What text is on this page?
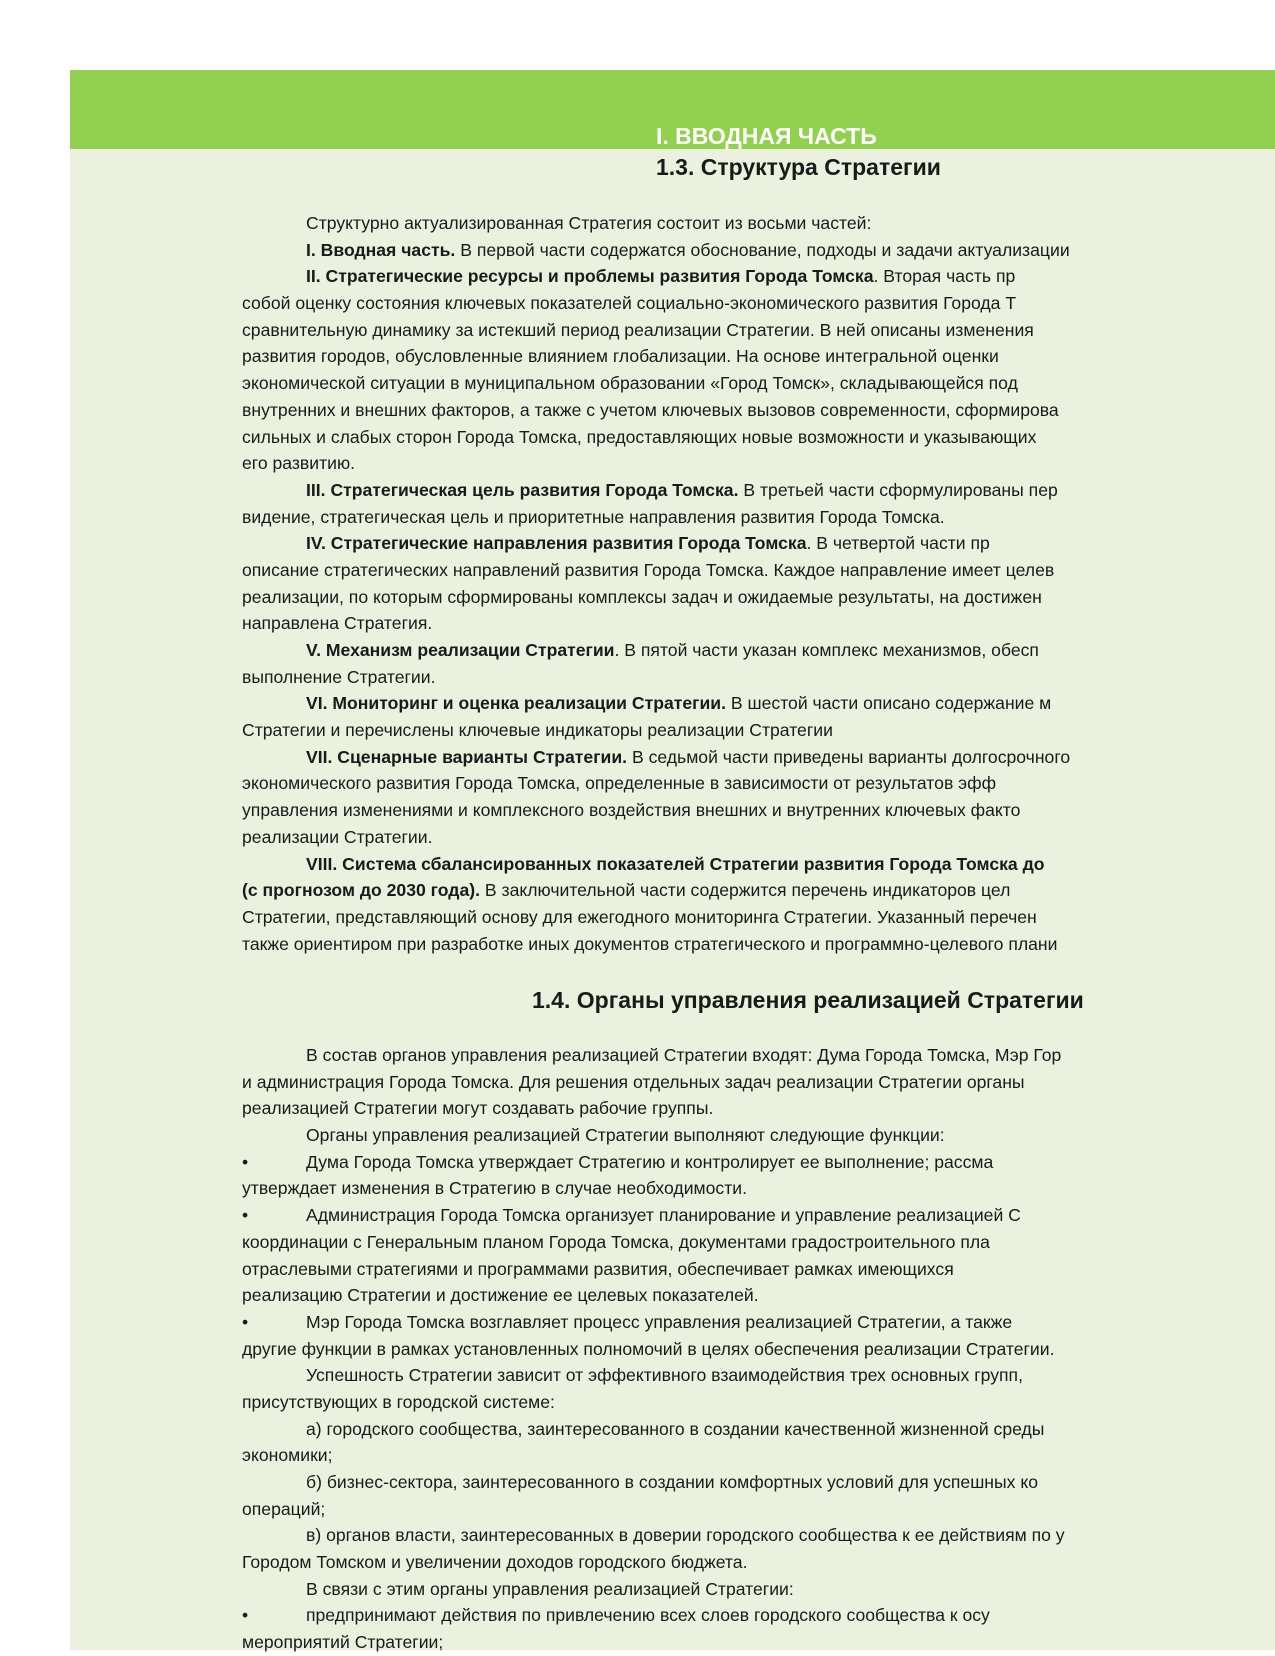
I. ВВОДНАЯ ЧАСТЬ
1.3. Структура Стратегии
Структурно актуализированная Стратегия состоит из восьми частей:
I. Вводная часть. В первой части содержатся обоснование, подходы и задачи актуализации
II. Стратегические ресурсы и проблемы развития Города Томска. Вторая часть пр
собой оценку состояния ключевых показателей социально-экономического развития Города Т
сравнительную динамику за истекший период реализации Стратегии. В ней описаны изменения
развития городов, обусловленные влиянием глобализации. На основе интегральной оценки
экономической ситуации в муниципальном образовании «Город Томск», складывающейся под
внутренних и внешних факторов, а также с учетом ключевых вызовов современности, сформирова
сильных и слабых сторон Города Томска, предоставляющих новые возможности и указывающих
его развитию.
III. Стратегическая цель развития Города Томска. В третьей части сформулированы пер
видение, стратегическая цель и приоритетные направления развития Города Томска.
IV. Стратегические направления развития Города Томска. В четвертой части пр
описание стратегических направлений развития Города Томска. Каждое направление имеет целев
реализации, по которым сформированы комплексы задач и ожидаемые результаты, на достижен
направлена Стратегия.
V. Механизм реализации Стратегии. В пятой части указан комплекс механизмов, обесп
выполнение Стратегии.
VI. Мониторинг и оценка реализации Стратегии. В шестой части описано содержание м
Стратегии и перечислены ключевые индикаторы реализации Стратегии
VII. Сценарные варианты Стратегии. В седьмой части приведены варианты долгосрочного
экономического развития Города Томска, определенные в зависимости от результатов эфф
управления изменениями и комплексного воздействия внешних и внутренних ключевых факто
реализации Стратегии.
VIII. Система сбалансированных показателей Стратегии развития Города Томска до
(с прогнозом до 2030 года). В заключительной части содержится перечень индикаторов цел
Стратегии, представляющий основу для ежегодного мониторинга Стратегии. Указанный перечен
также ориентиром при разработке иных документов стратегического и программно-целевого плани
1.4. Органы управления реализацией Стратегии
В состав органов управления реализацией Стратегии входят: Дума Города Томска, Мэр Гор
и администрация Города Томска. Для решения отдельных задач реализации Стратегии органы
реализацией Стратегии могут создавать рабочие группы.
Органы управления реализацией Стратегии выполняют следующие функции:
•	Дума Города Томска утверждает Стратегию и контролирует ее выполнение; рассма
утверждает изменения в Стратегию в случае необходимости.
•	Администрация Города Томска организует планирование и управление реализацией С
координации с Генеральным планом Города Томска, документами градостроительного пла
отраслевыми стратегиями и программами развития, обеспечивает рамках имеющихся
реализацию Стратегии и достижение ее целевых показателей.
•	Мэр Города Томска возглавляет процесс управления реализацией Стратегии, а также
другие функции в рамках установленных полномочий в целях обеспечения реализации Стратегии.
Успешность Стратегии зависит от эффективного взаимодействия трех основных групп,
присутствующих в городской системе:
а) городского сообщества, заинтересованного в создании качественной жизненной среды
экономики;
б) бизнес-сектора, заинтересованного в создании комфортных условий для успешных ко
операций;
в) органов власти, заинтересованных в доверии городского сообщества к ее действиям по у
Городом Томском и увеличении доходов городского бюджета.
В связи с этим органы управления реализацией Стратегии:
•	предпринимают действия по привлечению всех слоев городского сообщества к осу
мероприятий Стратегии;
